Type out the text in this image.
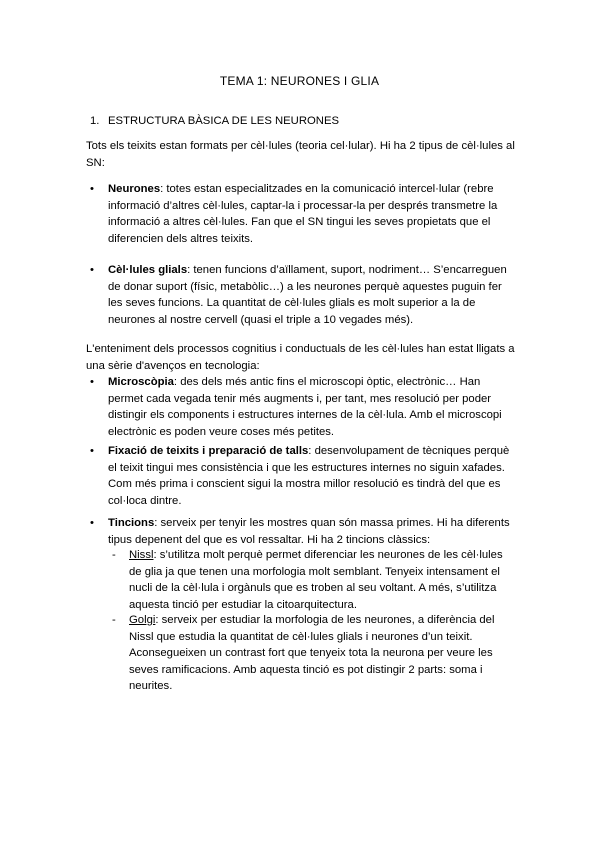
TEMA 1: NEURONES I GLIA
1. ESTRUCTURA BÀSICA DE LES NEURONES
Tots els teixits estan formats per cèl·lules (teoria cel·lular). Hi ha 2 tipus de cèl·lules al SN:
•	Neurones: totes estan especialitzades en la comunicació intercel·lular (rebre informació d’altres cèl·lules, captar-la i processar-la per després transmetre la informació a altres cèl·lules. Fan que el SN tingui les seves propietats que el diferencien dels altres teixits.
•	Cèl·lules glials: tenen funcions d’aïllament, suport, nodriment… S’encarreguen de donar suport (físic, metabòlic…) a les neurones perquè aquestes puguin fer les seves funcions. La quantitat de cèl·lules glials es molt superior a la de neurones al nostre cervell (quasi el triple a 10 vegades més).
L'enteniment dels processos cognitius i conductuals de les cèl·lules han estat lligats a una sèrie d'avenços en tecnologia:
•	Microscòpia: des dels més antic fins el microscopi òptic, electrònic… Han permet cada vegada tenir més augments i, per tant, mes resolució per poder distingir els components i estructures internes de la cèl·lula. Amb el microscopi electrònic es poden veure coses més petites.
•	Fixació de teixits i preparació de talls: desenvolupament de tècniques perquè el teixit tingui mes consistència i que les estructures internes no siguin xafades. Com més prima i conscient sigui la mostra millor resolució es tindrà del que es col·loca dintre.
•	Tincions: serveix per tenyir les mostres quan són massa primes. Hi ha diferents tipus depenent del que es vol ressaltar. Hi ha 2 tincions clàssics:
- Nissl: s’utilitza molt perquè permet diferenciar les neurones de les cèl·lules de glia ja que tenen una morfologia molt semblant. Tenyeix intensament el nucli de la cèl·lula i orgànuls que es troben al seu voltant. A més, s’utilitza aquesta tinció per estudiar la citoarquitectura.
- Golgi: serveix per estudiar la morfologia de les neurones, a diferència del Nissl que estudia la quantitat de cèl·lules glials i neurones d’un teixit. Aconsegueixen un contrast fort que tenyeix tota la neurona per veure les seves ramificacions. Amb aquesta tinció es pot distingir 2 parts: soma i neurites.
